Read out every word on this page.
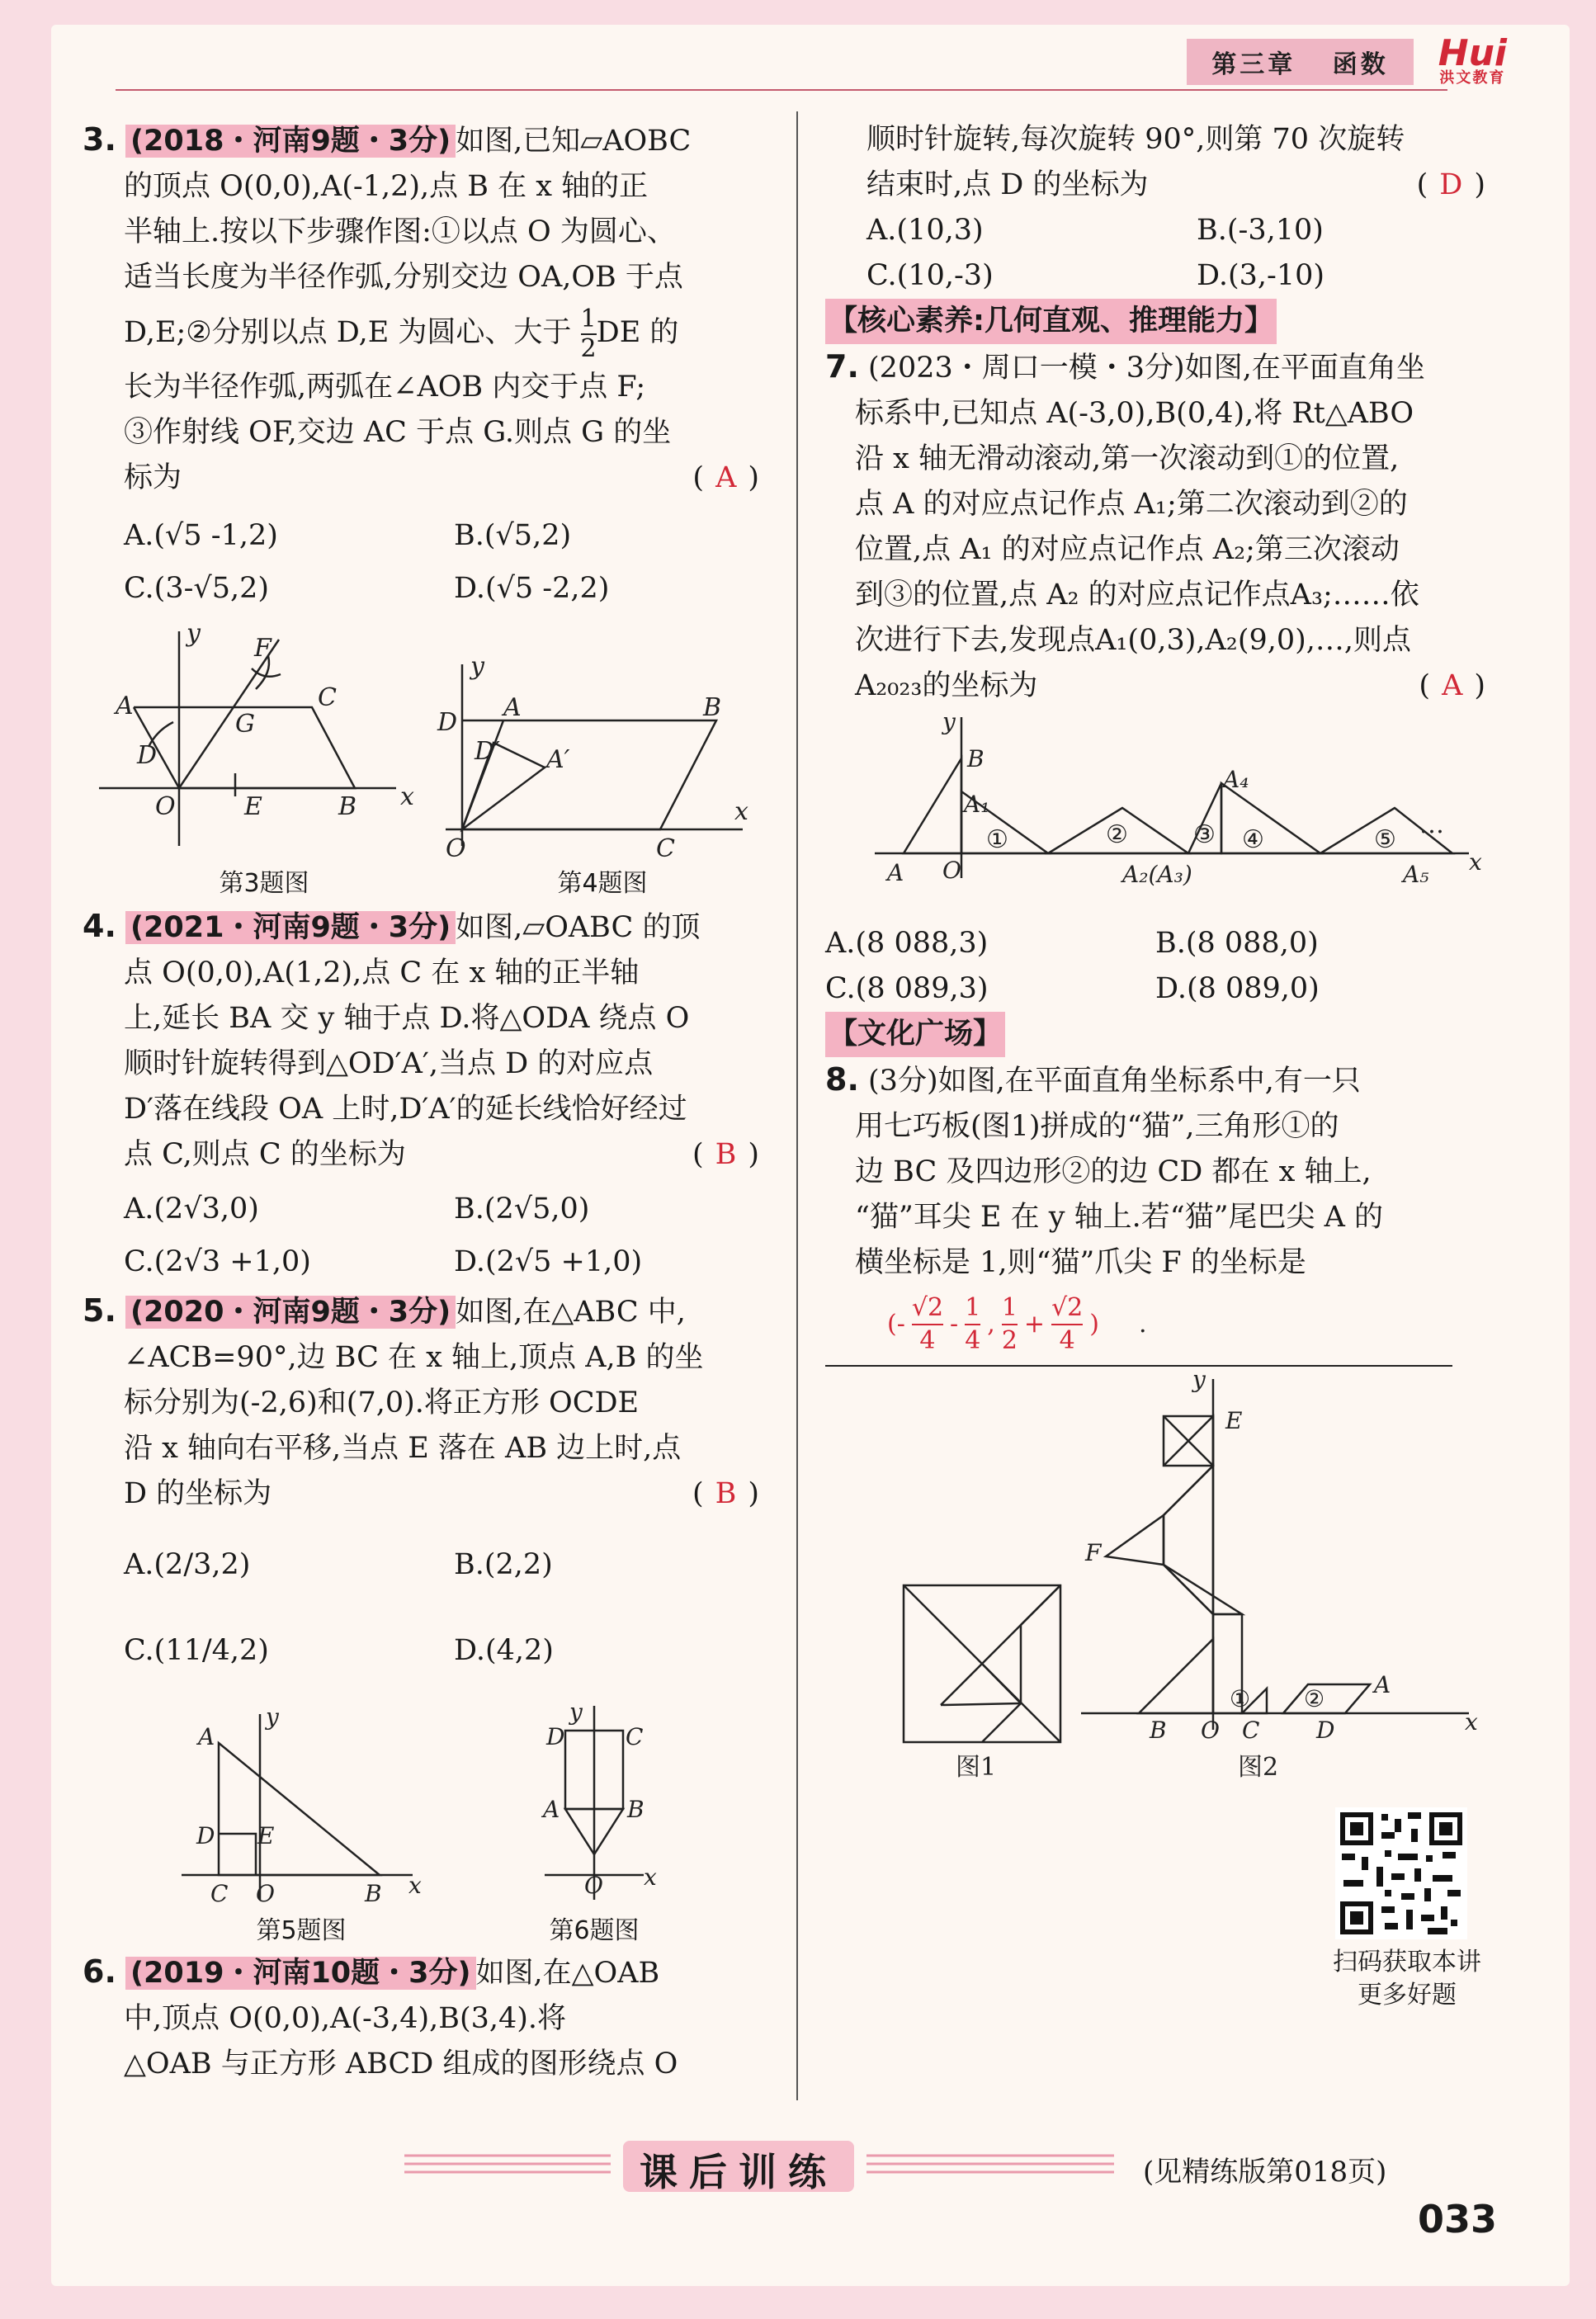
第三章 函数	Hui
洪文教育

3. (2018・河南9题・3分) 如图,已知▱AOBC

的顶点 O(0,0),A(-1,2),点 B 在 x 轴的正

半轴上.按以下步骤作图:①以点 O 为圆心、

适当长度为半径作弧,分别交边 OA,OB 于点

D,E;②分别以点 D,E 为圆心、大于 $\frac{1}{2}$ DE 的

长为半径作弧,两弧在∠AOB 内交于点 F;

③作射线 OF,交边 AC 于点 G.则点 G 的坐

标为	( A )

A.(√5 -1,2)	B.(√5,2)
C.(3-√5,2)	D.(√5 -2,2)
y
x
F
A	C
G
D
O	E	B
y
x
D
A	B
D′ A′
O	C
第3题图	第4题图

4. (2021・河南9题・3分) 如图,▱OABC 的顶

点 O(0,0),A(1,2),点 C 在 x 轴的正半轴

上,延长 BA 交 y 轴于点 D.将△ODA 绕点 O

顺时针旋转得到△OD′A′,当点 D 的对应点

D′落在线段 OA 上时,D′A′的延长线恰好经过

点 C,则点 C 的坐标为	( B )

A.(2√3,0)	B.(2√5,0)
C.(2√3 +1,0)	D.(2√5 +1,0)

5. (2020・河南9题・3分) 如图,在△ABC 中,

∠ACB=90°,边 BC 在 x 轴上,顶点 A,B 的坐

标分别为(-2,6)和(7,0).将正方形 OCDE

沿 x 轴向右平移,当点 E 落在 AB 边上时,点

D 的坐标为	( B )

A.(2/3,2)	B.(2,2)
C.(11/4,2)	D.(4,2)
y
x
A
D E
C O	B
y
x
D	C
A	B
O
第5题图	第6题图

6. (2019・河南10题・3分) 如图,在△OAB

中,顶点 O(0,0),A(-3,4),B(3,4).将

△OAB 与正方形 ABCD 组成的图形绕点 O

顺时针旋转,每次旋转 90°,则第 70 次旋转

结束时,点 D 的坐标为	( D )

A.(10,3)	B.(-3,10)
C.(10,-3)	D.(3,-10)

【核心素养:几何直观、推理能力】

7. (2023・周口一模・3分)如图,在平面直角坐

标系中,已知点 A(-3,0),B(0,4),将 Rt△ABO

沿 x 轴无滑动滚动,第一次滚动到①的位置,

点 A 的对应点记作点 A₁;第二次滚动到②的

位置,点 A₁ 的对应点记作点 A₂;第三次滚动

到③的位置,点 A₂ 的对应点记作点A₃;……依

次进行下去,发现点A₁(0,3),A₂(9,0),…,则点

A₂₀₂₃的坐标为	( A )

y
x
B
A₁
A₄
A O	A₂(A₃)	A₅
①	②	③ ④	⑤
…
A.(8 088,3)	B.(8 088,0)
C.(8 089,3)	D.(8 089,0)

【文化广场】

8. (3分)如图,在平面直角坐标系中,有一只

用七巧板(图1)拼成的“猫”,三角形①的

边 BC 及四边形②的边 CD 都在 x 轴上,

“猫”耳尖 E 在 y 轴上.若“猫”尾巴尖 A 的

横坐标是 1,则“猫”爪尖 F 的坐标是

(- $\frac{√2}{4} - \frac{1}{4}$ , $\frac{1}{2} + \frac{√2}{4}$ ) .
y
E
F
A
x
B O C D
① ②
图1	图2
扫码获取本讲
更多好题
课后训练	(见精练版第018页)
033
